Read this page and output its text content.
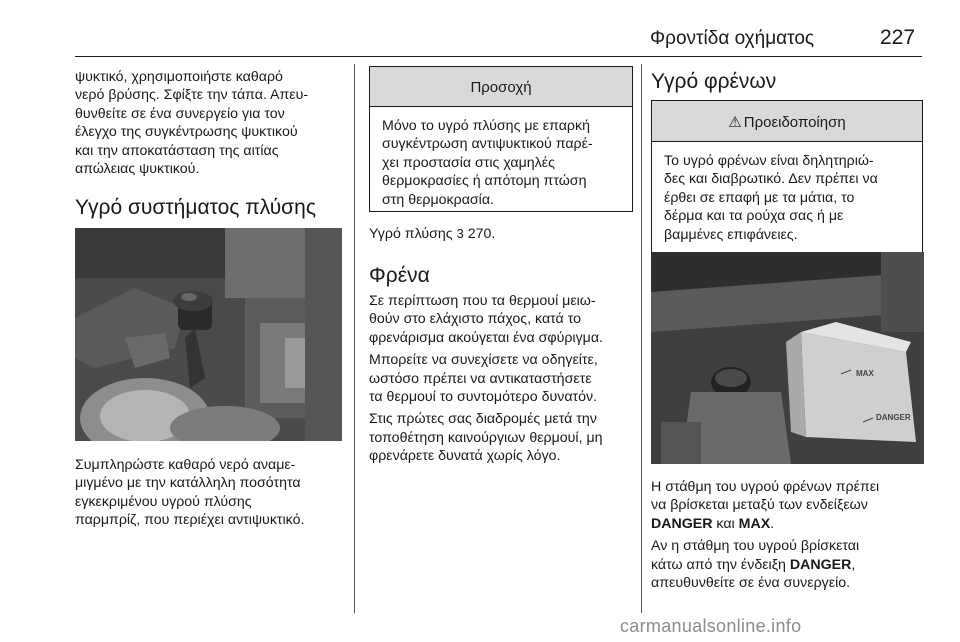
Φροντίδα οχήματος	227
ψυκτικό, χρησιμοποιήστε καθαρό
νερό βρύσης. Σφίξτε την τάπα. Απευ-
θυνθείτε σε ένα συνεργείο για τον
έλεγχο της συγκέντρωσης ψυκτικού
και την αποκατάσταση της αιτίας
απώλειας ψυκτικού.
Υγρό συστήματος πλύσης
Συμπληρώστε καθαρό νερό αναμε-
μιγμένο με την κατάλληλη ποσότητα
εγκεκριμένου υγρού πλύσης
παρμπρίζ, που περιέχει αντιψυκτικό.
Προσοχή
Μόνο το υγρό πλύσης με επαρκή
συγκέντρωση αντιψυκτικού παρέ-
χει προστασία στις χαμηλές
θερμοκρασίες ή απότομη πτώση
στη θερμοκρασία.
Υγρό πλύσης 3 270.
Φρένα

Σε περίπτωση που τα θερμουί μειω-
θούν στο ελάχιστο πάχος, κατά το
φρενάρισμα ακούγεται ένα σφύριγμα.

Μπορείτε να συνεχίσετε να οδηγείτε,
ωστόσο πρέπει να αντικαταστήσετε
τα θερμουί το συντομότερο δυνατόν.

Στις πρώτες σας διαδρομές μετά την
τοποθέτηση καινούργιων θερμουί, μη
φρενάρετε δυνατά χωρίς λόγο.

Υγρό φρένων
⚠ Προειδοποίηση
Το υγρό φρένων είναι δηλητηριώ-
δες και διαβρωτικό. Δεν πρέπει να
έρθει σε επαφή με τα μάτια, το
δέρμα και τα ρούχα σας ή με
βαμμένες επιφάνειες.
MAX
DANGER

Η στάθμη του υγρού φρένων πρέπει
να βρίσκεται μεταξύ των ενδείξεων
DANGER και MAX.

Αν η στάθμη του υγρού βρίσκεται
κάτω από την ένδειξη DANGER,
απευθυνθείτε σε ένα συνεργείο.

carmanualsonline.info
